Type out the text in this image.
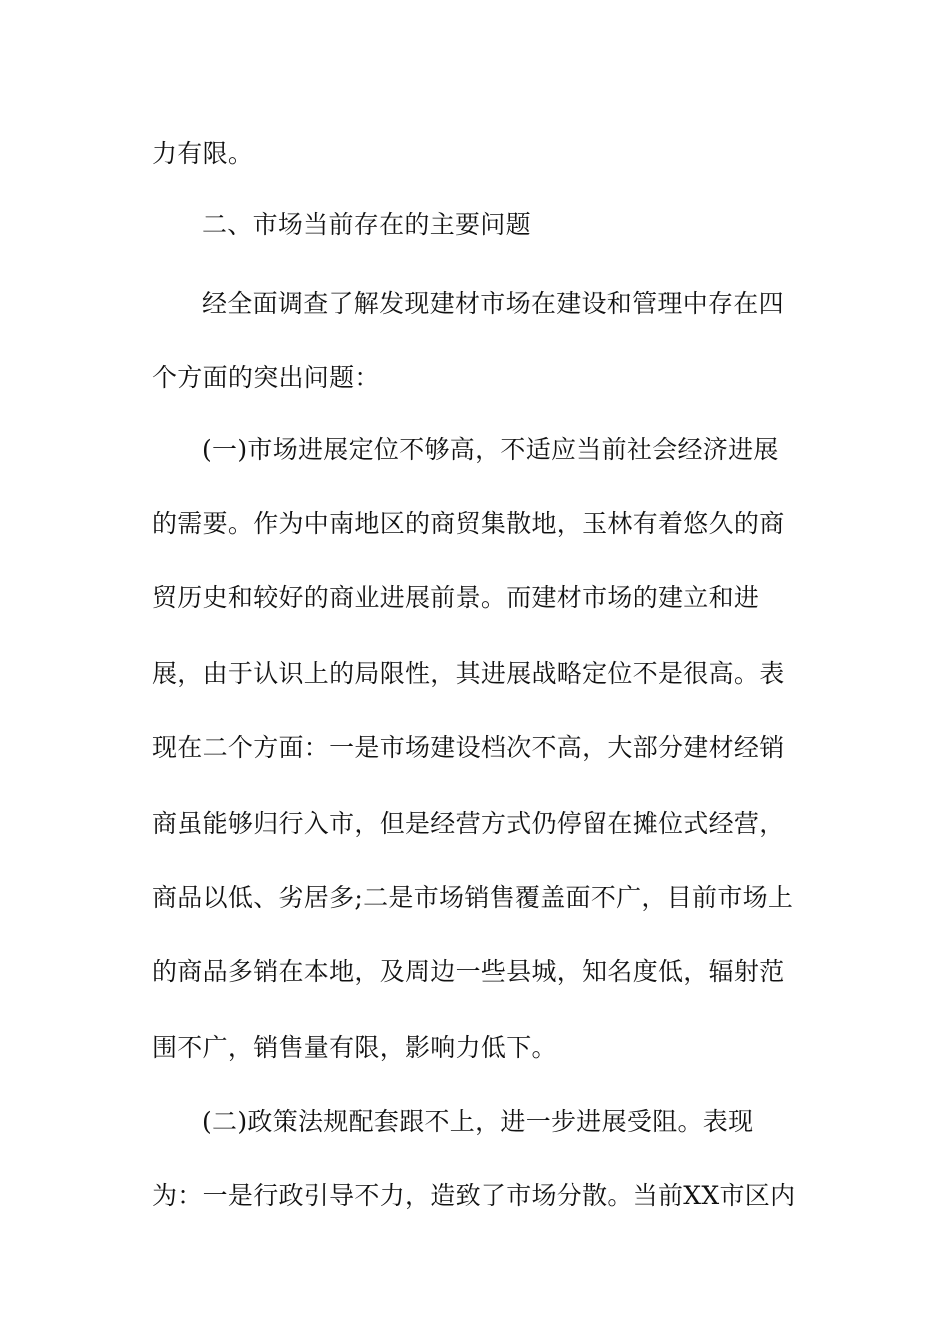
力有限。
二、市场当前存在的主要问题
经全面调查了解发现建材市场在建设和管理中存在四
个方面的突出问题：
(一)市场进展定位不够高，不适应当前社会经济进展
的需要。作为中南地区的商贸集散地，玉林有着悠久的商
贸历史和较好的商业进展前景。而建材市场的建立和进
展，由于认识上的局限性，其进展战略定位不是很高。表
现在二个方面：一是市场建设档次不高，大部分建材经销
商虽能够归行入市，但是经营方式仍停留在摊位式经营，
商品以低、劣居多;二是市场销售覆盖面不广，目前市场上
的商品多销在本地，及周边一些县城，知名度低，辐射范
围不广，销售量有限，影响力低下。
(二)政策法规配套跟不上，进一步进展受阻。表现
为：一是行政引导不力，造致了市场分散。当前XX市区内
